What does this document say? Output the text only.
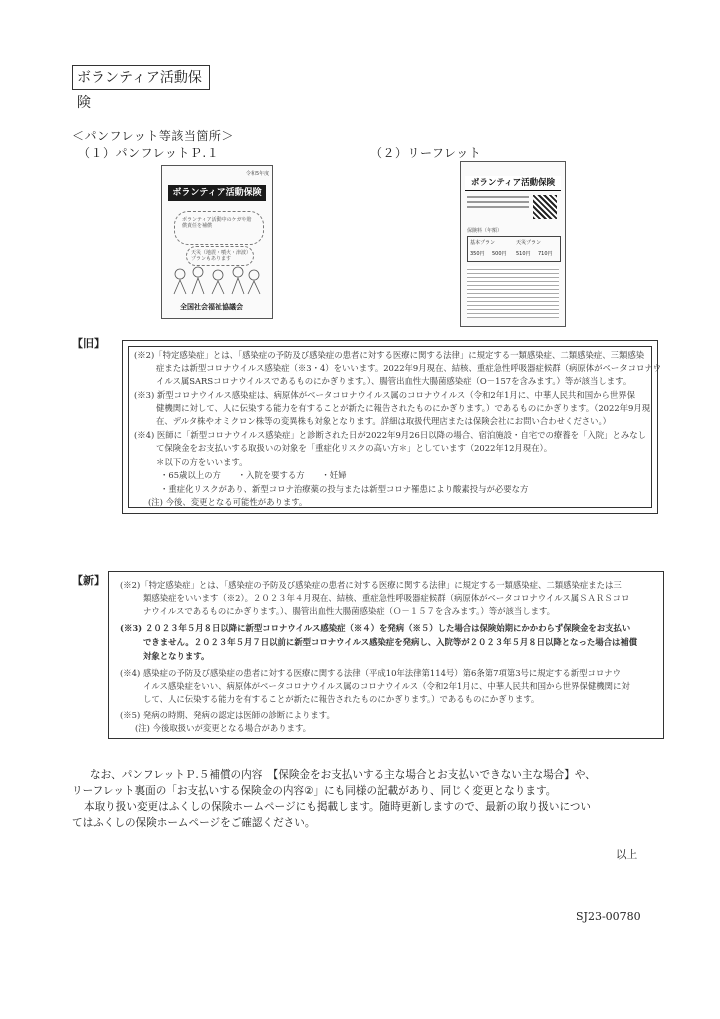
ボランティア活動保険
＜パンフレット等該当箇所＞
（１）パンフレットＰ.１	（２）リーフレット
令和5年度
ボランティア活動保険
ボランティア活動中のケガや賠償責任を補償
天災（地震・噴火・津波）プランもあります
全国社会福祉協議会
ボランティア活動保険
保険料（年額）
基本プラン	天災プラン
350円 500円 510円 710円
【旧】
(※2)「特定感染症」とは、「感染症の予防及び感染症の患者に対する医療に関する法律」に規定する一類感染症、二類感染症、三類感染
症または新型コロナウイルス感染症（※3・4）をいいます。2022年9月現在、結核、重症急性呼吸器症候群（病原体がベータコロナウ
イルス属SARSコロナウイルスであるものにかぎります。）、腸管出血性大腸菌感染症（O－157を含みます。）等が該当します。
(※3) 新型コロナウイルス感染症は、病原体がベータコロナウイルス属のコロナウイルス（令和2年1月に、中華人民共和国から世界保
健機関に対して、人に伝染する能力を有することが新たに報告されたものにかぎります。）であるものにかぎります。（2022年9月現
在、デルタ株やオミクロン株等の変異株も対象となります。詳細は取扱代理店または保険会社にお問い合わせください。）
(※4) 医師に「新型コロナウイルス感染症」と診断された日が2022年9月26日以降の場合、宿泊施設・自宅での療養を「入院」とみなし
て保険金をお支払いする取扱いの対象を「重症化リスクの高い方＊」としています（2022年12月現在）。
＊以下の方をいいます。
・65歳以上の方　　・入院を要する方　　・妊婦
・重症化リスクがあり、新型コロナ治療薬の投与または新型コロナ罹患により酸素投与が必要な方
(注) 今後、変更となる可能性があります。
【新】 (※2)「特定感染症」とは、「感染症の予防及び感染症の患者に対する医療に関する法律」に規定する一類感染症、二類感染症または三
類感染症をいいます（※2）。２０２３年４月現在、結核、重症急性呼吸器症候群（病原体がベータコロナウイルス属ＳＡＲＳコロ
ナウイルスであるものにかぎります。）、腸管出血性大腸菌感染症（Ｏ－１５７を含みます。）等が該当します。
(※3) ２０２３年５月８日以降に新型コロナウイルス感染症（※４）を発病（※５）した場合は保険始期にかかわらず保険金をお支払い
できません。２０２３年５月７日以前に新型コロナウイルス感染症を発病し、入院等が２０２３年５月８日以降となった場合は補償
対象となります。
(※4) 感染症の予防及び感染症の患者に対する医療に関する法律（平成10年法律第114号）第6条第7項第3号に規定する新型コロナウ
イルス感染症をいい、病原体がベータコロナウイルス属のコロナウイルス（令和2年1月に、中華人民共和国から世界保健機関に対
して、人に伝染する能力を有することが新たに報告されたものにかぎります。）であるものにかぎります。
(※5) 発病の時期、発病の認定は医師の診断によります。
(注) 今後取扱いが変更となる場合があります。
なお、パンフレットＰ.５補償の内容　【保険金をお支払いする主な場合とお支払いできない主な場合】や、
リーフレット裏面の「お支払いする保険金の内容②」にも同様の記載があり、同じく変更となります。
本取り扱い変更はふくしの保険ホームページにも掲載します。随時更新しますので、最新の取り扱いについ
てはふくしの保険ホームページをご確認ください。
以上
SJ23-00780
